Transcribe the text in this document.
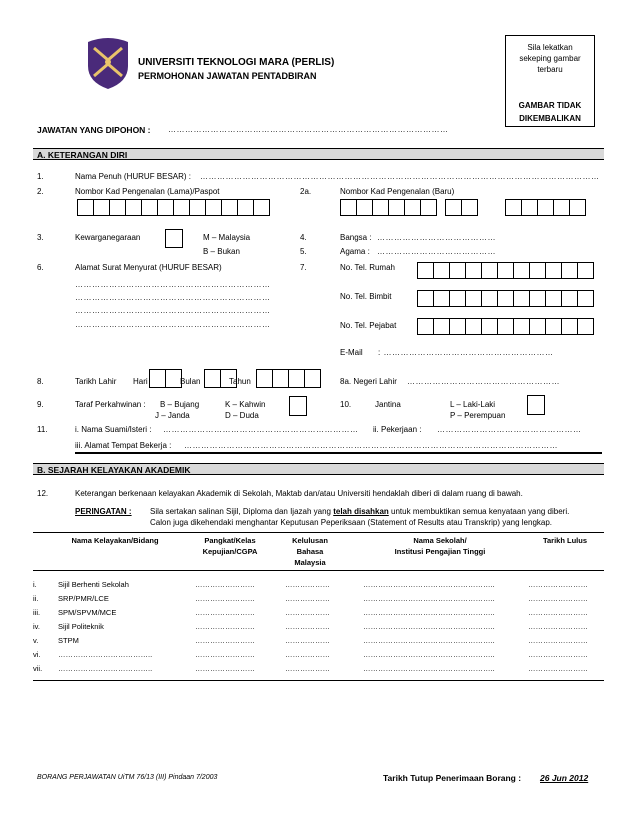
UNIVERSITI TEKNOLOGI MARA (PERLIS)
PERMOHONAN JAWATAN PENTADBIRAN
Sila lekatkan
sekeping gambar
terbaru
GAMBAR TIDAK
DIKEMBALIKAN
JAWATAN YANG DIPOHON : ………………………………………………………………………………………
A. KETERANGAN DIRI
1.	Nama Penuh (HURUF BESAR) : ……………………………………………………………………………………………………………………………
2.	Nombor Kad Pengenalan (Lama)/Paspot	2a.	Nombor Kad Pengenalan (Baru)
3.	Kewarganegaraan	M – Malaysia
B – Bukan
4.	Bangsa : ……………………………………
5.	Agama : ……………………………………
6.	Alamat Surat Menyurat (HURUF BESAR)
……………………………………………………………
……………………………………………………………
……………………………………………………………
……………………………………………………………
7.	No. Tel. Rumah
No. Tel. Bimbit
No. Tel. Pejabat
E-Mail : ……………………………………………………
8.	Tarikh Lahir Hari	Bulan	Tahun	8a. Negeri Lahir ………………………………………………
9.	Taraf Perkahwinan : B – Bujang
J – Janda
K – Kahwin
D – Duda
10.	Jantina	L – Laki-Laki
P – Perempuan
11.	i. Nama Suami/Isteri : …………………………………………………………… ii. Pekerjaan : ……………………………………………
iii. Alamat Tempat Bekerja : ……………………………………………………………………………………………………………………
B. SEJARAH KELAYAKAN AKADEMIK
12.	Keterangan berkenaan kelayakan Akademik di Sekolah, Maktab dan/atau Universiti hendaklah diberi di dalam ruang di bawah.
PERINGATAN : Sila sertakan salinan Sijil, Diploma dan Ijazah yang telah disahkan untuk membuktikan semua kenyataan yang diberi.
Calon juga dikehendaki menghantar Keputusan Peperiksaan (Statement of Results atau Transkrip) yang lengkap.
Nama Kelayakan/Bidang	Pangkat/Kelas
Kepujian/CGPA
Kelulusan
Bahasa
Malaysia
Nama Sekolah/
Institusi Pengajian Tinggi
Tarikh Lulus
i.	Sijil Berhenti Sekolah	……………………	………………	……………………………………………..	……………………
ii.	SRP/PMR/LCE	……………………	………………	……………………………………………..	……………………
iii.	SPM/SPVM/MCE	……………………	………………	……………………………………………..	……………………
iv.	Sijil Politeknik	……………………	………………	……………………………………………..	……………………
v.	STPM	……………………	………………	……………………………………………..	……………………
vi.	………………………………..	……………………	………………	……………………………………………..	……………………
vii.	………………………………..	……………………	………………	……………………………………………..	……………………
BORANG PERJAWATAN UiTM 76/13 (III) Pindaan 7/2003	Tarikh Tutup Penerimaan Borang : 26 Jun 2012
